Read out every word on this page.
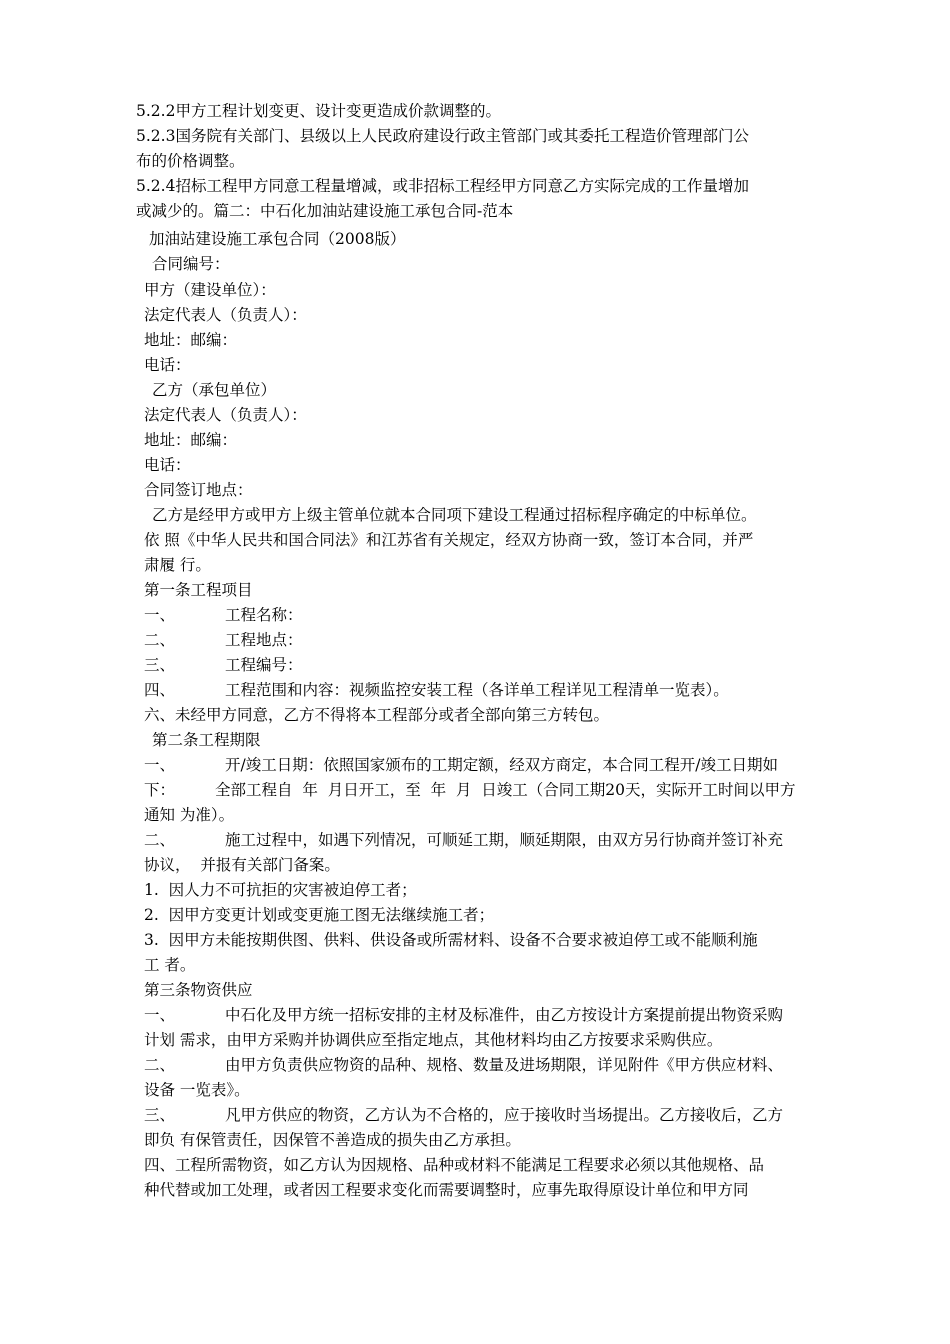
5.2.2甲方工程计划变更、设计变更造成价款调整的。
5.2.3国务院有关部门、县级以上人民政府建设行政主管部门或其委托工程造价管理部门公
布的价格调整。
5.2.4招标工程甲方同意工程量增减，或非招标工程经甲方同意乙方实际完成的工作量增加
或减少的。篇二：中石化加油站建设施工承包合同-范本
加油站建设施工承包合同（2008版）
合同编号：
甲方（建设单位）：
法定代表人（负责人）：
地址：邮编：
电话：
乙方（承包单位）
法定代表人（负责人）：
地址：邮编：
电话：
合同签订地点：
乙方是经甲方或甲方上级主管单位就本合同项下建设工程通过招标程序确定的中标单位。
依 照《中华人民共和国合同法》和江苏省有关规定，经双方协商一致，签订本合同，并严
肃履 行。
第一条工程项目
一、	工程名称：
二、	工程地点：
三、	工程编号：
四、	工程范围和内容：视频监控安装工程（各详单工程详见工程清单一览表）。
六、未经甲方同意，乙方不得将本工程部分或者全部向第三方转包。
第二条工程期限
一、	开/竣工日期：依照国家颁布的工期定额，经双方商定，本合同工程开/竣工日期如
下：	全部工程自  年  月日开工，至  年  月  日竣工（合同工期20天，实际开工时间以甲方
通知 为准）。
二、	施工过程中，如遇下列情况，可顺延工期，顺延期限，由双方另行协商并签订补充
协议，  并报有关部门备案。
1.  因人力不可抗拒的灾害被迫停工者；
2.  因甲方变更计划或变更施工图无法继续施工者；
3.  因甲方未能按期供图、供料、供设备或所需材料、设备不合要求被迫停工或不能顺利施
工 者。
第三条物资供应
一、	中石化及甲方统一招标安排的主材及标准件，由乙方按设计方案提前提出物资采购
计划 需求，由甲方采购并协调供应至指定地点，其他材料均由乙方按要求采购供应。
二、	由甲方负责供应物资的品种、规格、数量及进场期限，详见附件《甲方供应材料、
设备 一览表》。
三、	凡甲方供应的物资，乙方认为不合格的，应于接收时当场提出。乙方接收后，乙方
即负 有保管责任，因保管不善造成的损失由乙方承担。
四、工程所需物资，如乙方认为因规格、品种或材料不能满足工程要求必须以其他规格、品
种代替或加工处理，或者因工程要求变化而需要调整时，应事先取得原设计单位和甲方同
